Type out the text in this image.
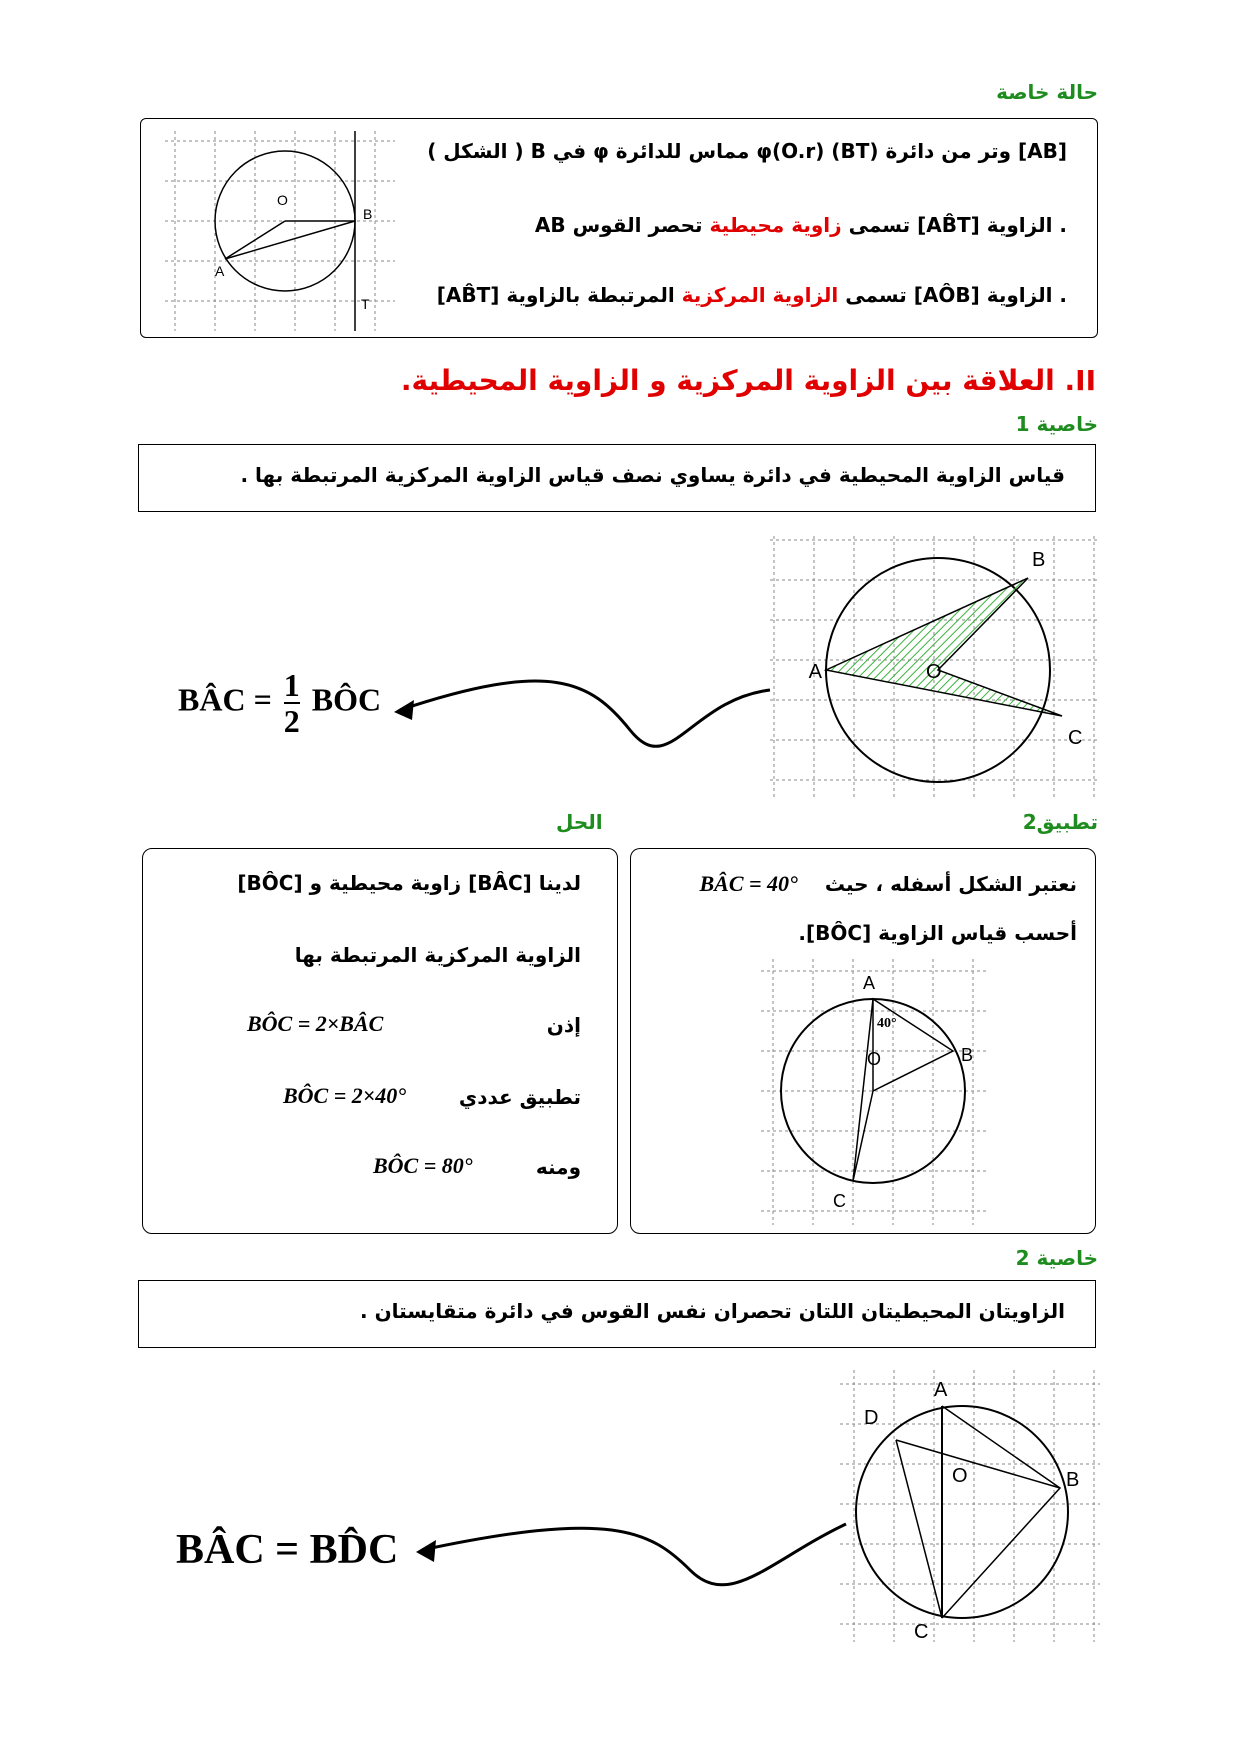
حالة خاصة
[AB] وتر من دائرة φ(O.r) (BT) مماس للدائرة φ في B ( الشكل )
. الزاوية [AB̂T] تسمى زاوية محيطية تحصر القوس AB
. الزاوية [AÔB] تسمى الزاوية المركزية المرتبطة بالزاوية [AB̂T]
O
B
A
T
II. العلاقة بين الزاوية المركزية و الزاوية المحيطية.
خاصية 1
قياس الزاوية المحيطية في دائرة يساوي نصف قياس الزاوية المركزية المرتبطة بها .
BÂC = $\frac{1}{2}$ BÔC
A
B
C
O
تطبيق2
الحل
نعتبر الشكل أسفله ، حيث BÂC = 40°
أحسب قياس الزاوية [BÔC].
A
B
C
O
40°
لدينا [BÂC] زاوية محيطية و [BÔC]
الزاوية المركزية المرتبطة بها
إذن
BÔC = 2×BÂC
تطبيق عددي
BÔC = 2×40°
ومنه
BÔC = 80°
خاصية 2
الزاويتان المحيطيتان اللتان تحصران نفس القوس في دائرة متقايستان .
BÂC = BD̂C
A
B
C
D
O
